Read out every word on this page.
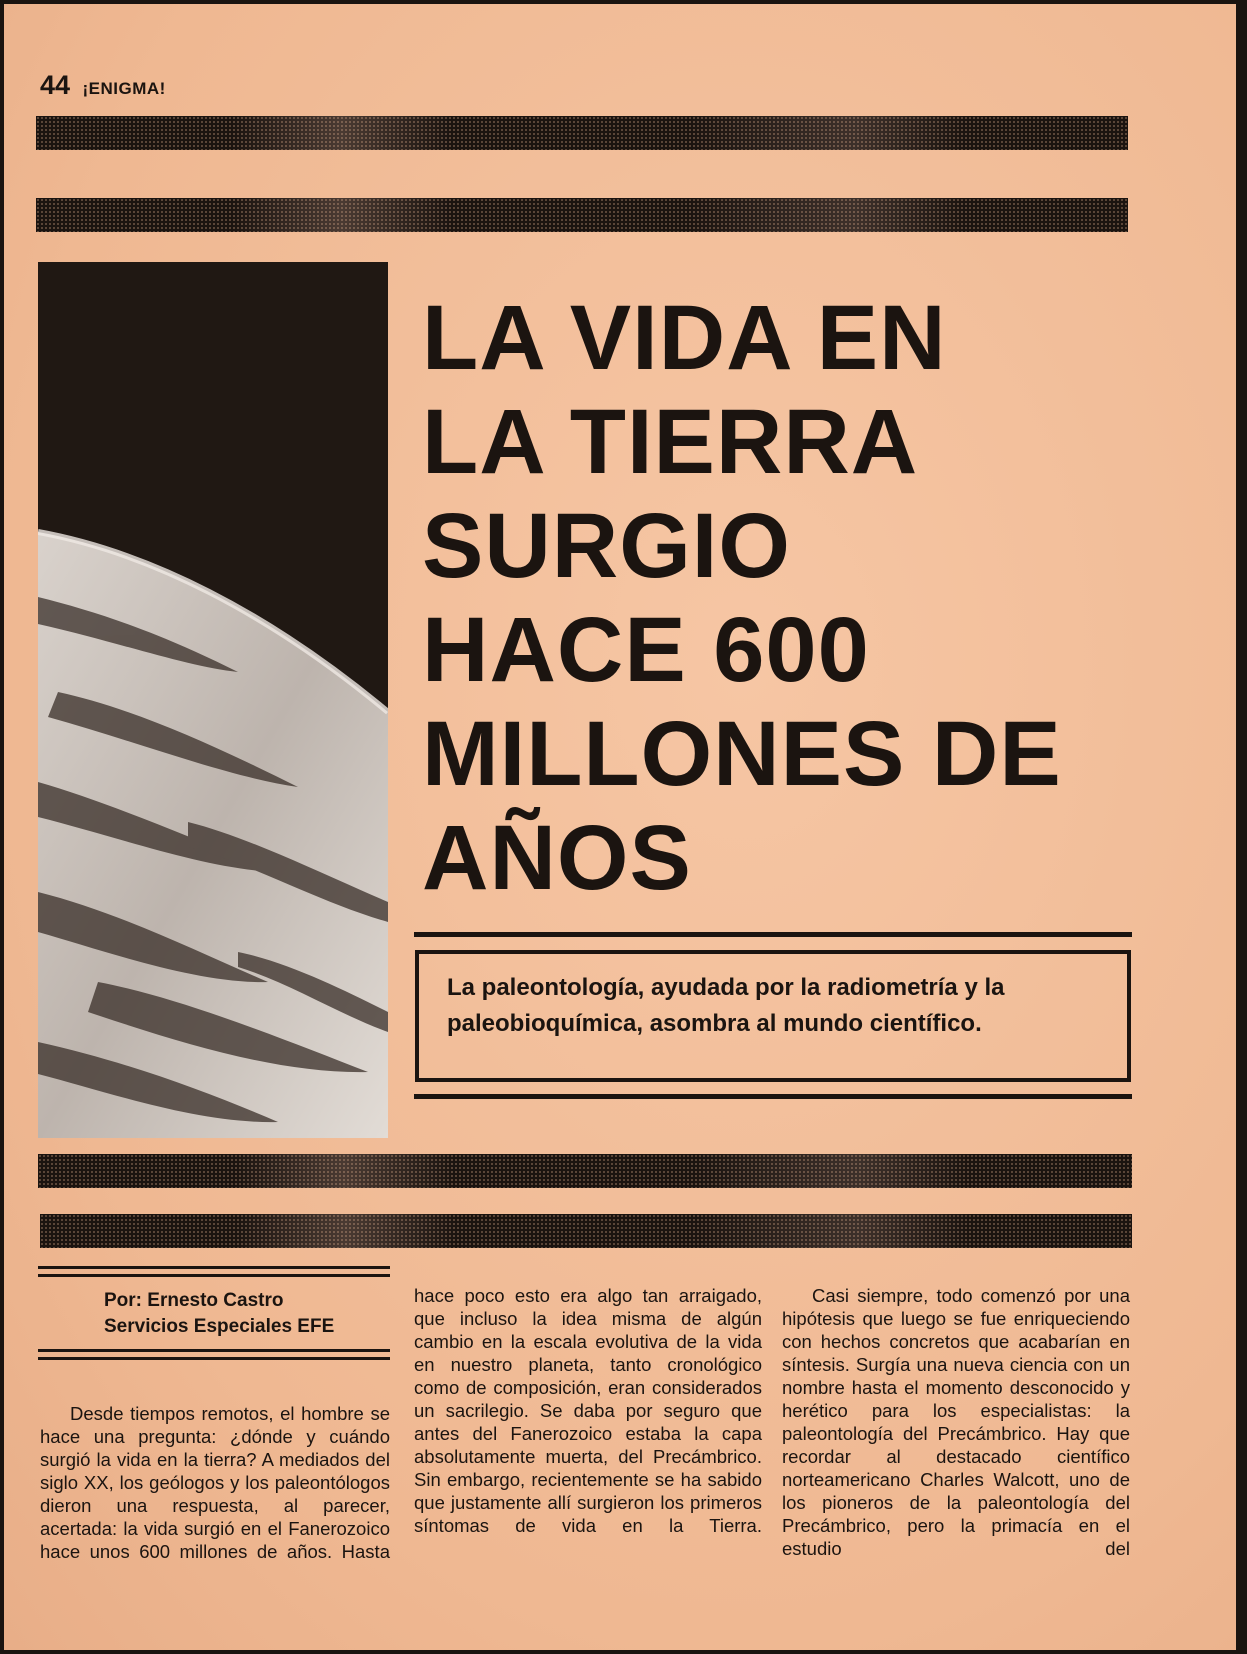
44 ¡ENIGMA!
LA VIDA EN
LA TIERRA
SURGIO
HACE 600
MILLONES DE
AÑOS
La paleontología, ayudada por la radiometría y la paleobioquímica, asombra al mundo científico.
Por: Ernesto Castro
Servicios Especiales EFE

Desde tiempos remotos, el hombre se hace una pregunta: ¿dónde y cuándo surgió la vida en la tierra? A mediados del siglo XX, los geólogos y los paleontólogos dieron una respuesta, al parecer, acertada: la vida surgió en el Fanerozoico hace unos 600 millones de años. Hasta

hace poco esto era algo tan arraigado, que incluso la idea misma de algún cambio en la escala evolutiva de la vida en nuestro planeta, tanto cronológico como de composición, eran considerados un sacrilegio. Se daba por seguro que antes del Fanerozoico estaba la capa absolutamente muerta, del Precámbrico. Sin embargo, recientemente se ha sabido que justamente allí surgieron los primeros síntomas de vida en la Tierra.

Casi siempre, todo comenzó por una hipótesis que luego se fue enriqueciendo con hechos concretos que acabarían en síntesis. Surgía una nueva ciencia con un nombre hasta el momento desconocido y herético para los especialistas: la paleontología del Precámbrico. Hay que recordar al destacado científico norteamericano Charles Walcott, uno de los pioneros de la paleontología del Precámbrico, pero la primacía en el estudio del
